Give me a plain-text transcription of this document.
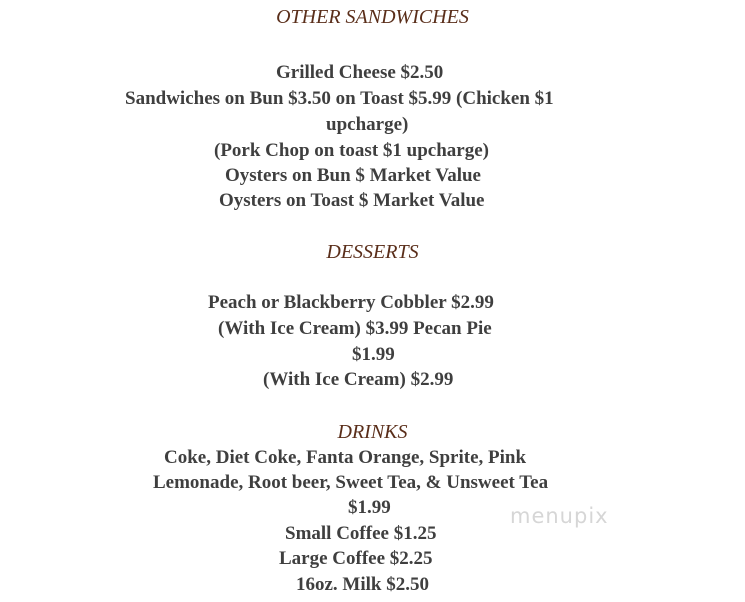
OTHER SANDWICHES
Grilled Cheese $2.50
Sandwiches on Bun $3.50 on Toast $5.99 (Chicken $1
upcharge)
(Pork Chop on toast $1 upcharge)
Oysters on Bun $ Market Value
Oysters on Toast $ Market Value
DESSERTS
Peach or Blackberry Cobbler $2.99
(With Ice Cream) $3.99 Pecan Pie
$1.99
(With Ice Cream) $2.99
DRINKS
Coke, Diet Coke, Fanta Orange, Sprite, Pink
Lemonade, Root beer, Sweet Tea, & Unsweet Tea
$1.99
Small Coffee $1.25
Large Coffee $2.25
16oz. Milk $2.50
menupix
